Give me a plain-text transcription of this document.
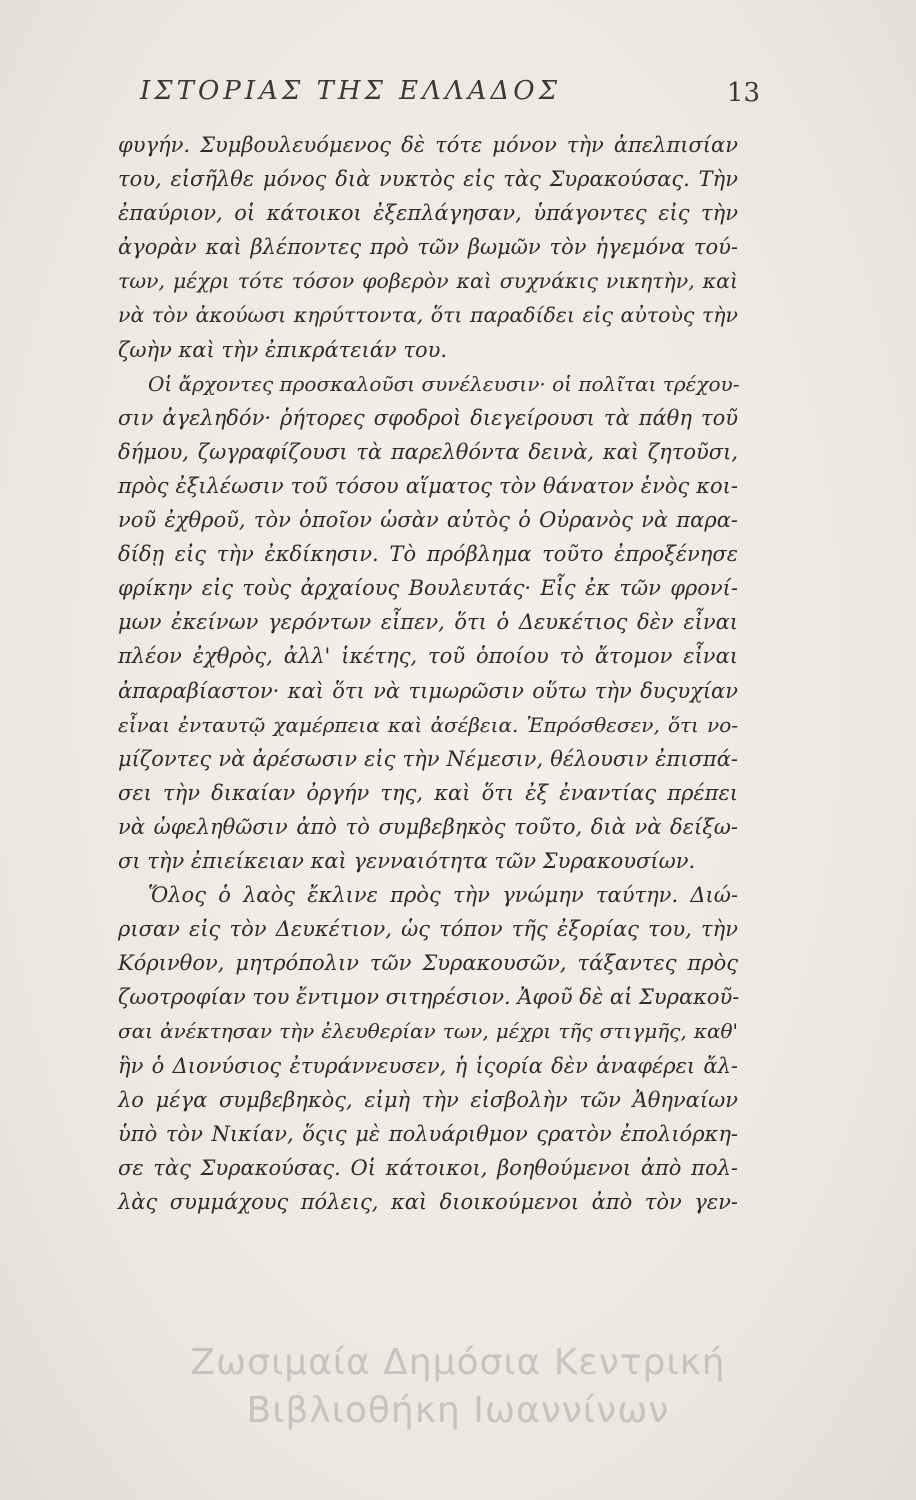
ΙΣΤΟΡΙΑΣ ΤΗΣ ΕΛΛΑΔΟΣ	13
φυγήν. Συμβουλευόμενος δὲ τότε μόνον τὴν ἀπελπισίαν
του, εἰσῆλθε μόνος διὰ νυκτὸς εἰς τὰς Συρακούσας. Τὴν
ἐπαύριον, οἱ κάτοικοι ἐξεπλάγησαν, ὑπάγοντες εἰς τὴν
ἀγορὰν καὶ βλέποντες πρὸ τῶν βωμῶν τὸν ἡγεμόνα τού-
των, μέχρι τότε τόσον φοβερὸν καὶ συχνάκις νικητὴν, καὶ
νὰ τὸν ἀκούωσι κηρύττοντα, ὅτι παραδίδει εἰς αὐτοὺς τὴν
ζωὴν καὶ τὴν ἐπικράτειάν του.
Οἱ ἄρχοντες προσκαλοῦσι συνέλευσιν· οἱ πολῖται τρέχου-
σιν ἀγεληδόν· ῥήτορες σφοδροὶ διεγείρουσι τὰ πάθη τοῦ
δήμου, ζωγραφίζουσι τὰ παρελθόντα δεινὰ, καὶ ζητοῦσι,
πρὸς ἐξιλέωσιν τοῦ τόσου αἵματος τὸν θάνατον ἑνὸς κοι-
νοῦ ἐχθροῦ, τὸν ὁποῖον ὡσὰν αὐτὸς ὁ Οὐρανὸς νὰ παρα-
δίδῃ εἰς τὴν ἐκδίκησιν. Τὸ πρόβλημα τοῦτο ἐπροξένησε
φρίκην εἰς τοὺς ἀρχαίους Βουλευτάς· Εἷς ἐκ τῶν φρονί-
μων ἐκείνων γερόντων εἶπεν, ὅτι ὁ Δευκέτιος δὲν εἶναι
πλέον ἐχθρὸς, ἀλλ' ἱκέτης, τοῦ ὁποίου τὸ ἄτομον εἶναι
ἀπαραβίαστον· καὶ ὅτι νὰ τιμωρῶσιν οὕτω τὴν δυςυχίαν
εἶναι ἐνταυτῷ χαμέρπεια καὶ ἀσέβεια. Ἐπρόσθεσεν, ὅτι νο-
μίζοντες νὰ ἀρέσωσιν εἰς τὴν Νέμεσιν, θέλουσιν ἐπισπά-
σει τὴν δικαίαν ὀργήν της, καὶ ὅτι ἐξ ἐναντίας πρέπει
νὰ ὠφεληθῶσιν ἀπὸ τὸ συμβεβηκὸς τοῦτο, διὰ νὰ δείξω-
σι τὴν ἐπιείκειαν καὶ γενναιότητα τῶν Συρακουσίων.
Ὅλος ὁ λαὸς ἔκλινε πρὸς τὴν γνώμην ταύτην. Διώ-
ρισαν εἰς τὸν Δευκέτιον, ὡς τόπον τῆς ἐξορίας του, τὴν
Κόρινθον, μητρόπολιν τῶν Συρακουσῶν, τάξαντες πρὸς
ζωοτροφίαν του ἔντιμον σιτηρέσιον. Ἀφοῦ δὲ αἱ Συρακοῦ-
σαι ἀνέκτησαν τὴν ἐλευθερίαν των, μέχρι τῆς στιγμῆς, καθ'
ἣν ὁ Διονύσιος ἐτυράννευσεν, ἡ ἱςορία δὲν ἀναφέρει ἄλ-
λο μέγα συμβεβηκὸς, εἰμὴ τὴν εἰσβολὴν τῶν Ἀθηναίων
ὑπὸ τὸν Νικίαν, ὅςις μὲ πολυάριθμον ςρατὸν ἐπολιόρκη-
σε τὰς Συρακούσας. Οἱ κάτοικοι, βοηθούμενοι ἀπὸ πολ-
λὰς συμμάχους πόλεις, καὶ διοικούμενοι ἀπὸ τὸν γεν-
Ζωσιμαία Δημόσια Κεντρική
Βιβλιοθήκη Ιωαννίνων
